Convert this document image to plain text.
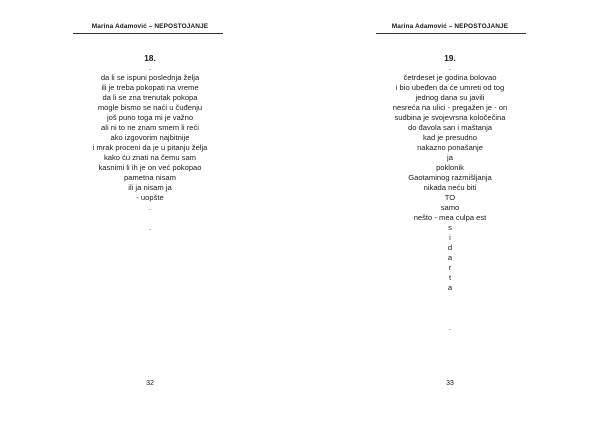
Marina Adamović – NEPOSTOJANJE
18.
.
da li se ispuni poslednja želja
ili je treba pokopati na vreme
da li se zna trenutak pokopa
mogle bismo se naći u čuđenju
još puno toga mi je važno
ali ni to ne znam smem li reći
ako izgovorim najbitnije
i mrak proceni da je u pitanju želja
kako ću znati na čemu sam
kasnimi li ih je on već pokopao
pametna nisam
ili ja nisam ja
- uopšte
.

.
32
Marina Adamović – NEPOSTOJANJE
19.
.
četrdeset je godina bolovao
i bio ubeđen da će umreti od tog
jednog dana su javili
nesreća na ulici - pregažen je - on
sudbina je svojevrsna koločečina
do đavola san i maštanja
kad je presudno
nakazno ponašanje
ja
poklonik
Gaotaminog razmišljanja
nikada neću biti
TO
samo
nešto - mea culpa est
s
i
d
a
r
t
a

.
33
